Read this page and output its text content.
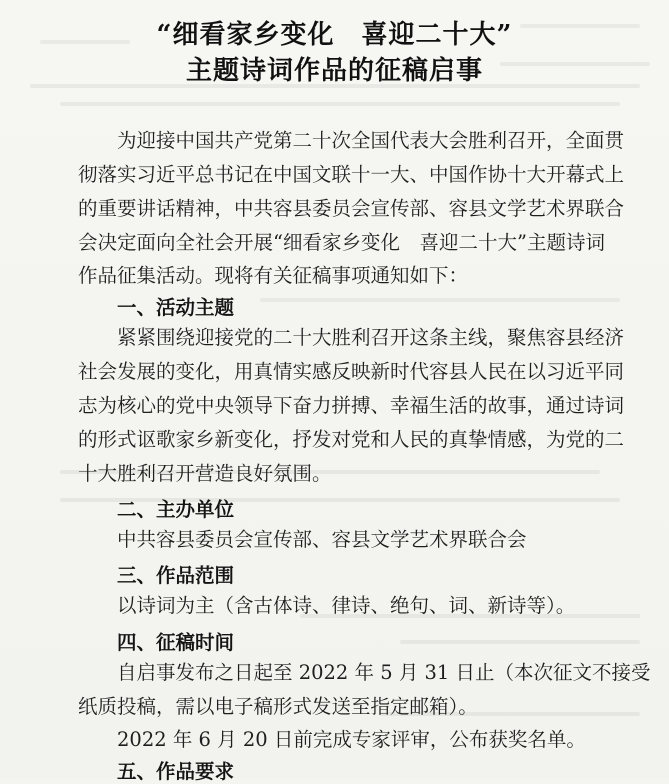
“细看家乡变化　喜迎二十大”
主题诗词作品的征稿启事
为迎接中国共产党第二十次全国代表大会胜利召开，全面贯
彻落实习近平总书记在中国文联十一大、中国作协十大开幕式上
的重要讲话精神，中共容县委员会宣传部、容县文学艺术界联合
会决定面向全社会开展“细看家乡变化　喜迎二十大”主题诗词
作品征集活动。现将有关征稿事项通知如下：
一、活动主题
紧紧围绕迎接党的二十大胜利召开这条主线，聚焦容县经济
社会发展的变化，用真情实感反映新时代容县人民在以习近平同
志为核心的党中央领导下奋力拼搏、幸福生活的故事，通过诗词
的形式讴歌家乡新变化，抒发对党和人民的真挚情感，为党的二
十大胜利召开营造良好氛围。
二、主办单位
中共容县委员会宣传部、容县文学艺术界联合会
三、作品范围
以诗词为主（含古体诗、律诗、绝句、词、新诗等）。
四、征稿时间
自启事发布之日起至 2022 年 5 月 31 日止（本次征文不接受
纸质投稿，需以电子稿形式发送至指定邮箱）。
2022 年 6 月 20 日前完成专家评审，公布获奖名单。
五、作品要求
